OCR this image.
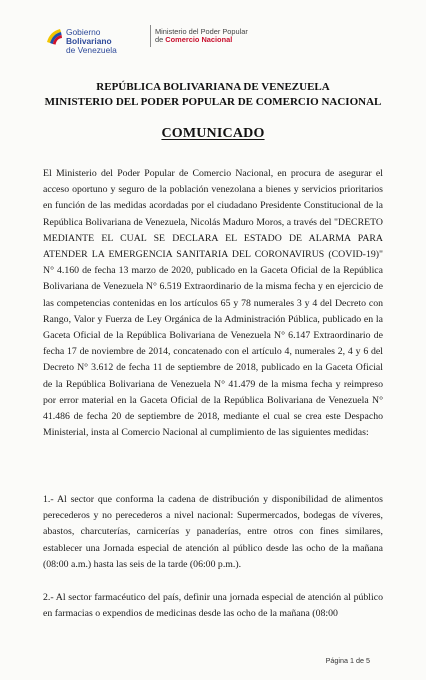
Gobierno Bolivariano
de Venezuela
Ministerio del Poder Popular
de Comercio Nacional
REPÚBLICA BOLIVARIANA DE VENEZUELA
MINISTERIO DEL PODER POPULAR DE COMERCIO NACIONAL
COMUNICADO

El Ministerio del Poder Popular de Comercio Nacional, en procura de asegurar el acceso oportuno y seguro de la población venezolana a bienes y servicios prioritarios en función de las medidas acordadas por el ciudadano Presidente Constitucional de la República Bolivariana de Venezuela, Nicolás Maduro Moros, a través del "DECRETO MEDIANTE EL CUAL SE DECLARA EL ESTADO DE ALARMA PARA ATENDER LA EMERGENCIA SANITARIA DEL CORONAVIRUS (COVID-19)" N° 4.160 de fecha 13 marzo de 2020, publicado en la Gaceta Oficial de la República Bolivariana de Venezuela N° 6.519 Extraordinario de la misma fecha y en ejercicio de las competencias contenidas en los artículos 65 y 78 numerales 3 y 4 del Decreto con Rango, Valor y Fuerza de Ley Orgánica de la Administración Pública, publicado en la Gaceta Oficial de la República Bolivariana de Venezuela N° 6.147 Extraordinario de fecha 17 de noviembre de 2014, concatenado con el artículo 4, numerales 2, 4 y 6 del Decreto N° 3.612 de fecha 11 de septiembre de 2018, publicado en la Gaceta Oficial de la República Bolivariana de Venezuela N° 41.479 de la misma fecha y reimpreso por error material en la Gaceta Oficial de la República Bolivariana de Venezuela N° 41.486 de fecha 20 de septiembre de 2018, mediante el cual se crea este Despacho Ministerial, insta al Comercio Nacional al cumplimiento de las siguientes medidas:

1.- Al sector que conforma la cadena de distribución y disponibilidad de alimentos perecederos y no perecederos a nivel nacional: Supermercados, bodegas de víveres, abastos, charcuterías, carnicerías y panaderías, entre otros con fines similares, establecer una Jornada especial de atención al público desde las ocho de la mañana (08:00 a.m.) hasta las seis de la tarde (06:00 p.m.).

2.- Al sector farmacéutico del país, definir una jornada especial de atención al público en farmacias o expendios de medicinas desde las ocho de la mañana (08:00

Página 1 de 5
